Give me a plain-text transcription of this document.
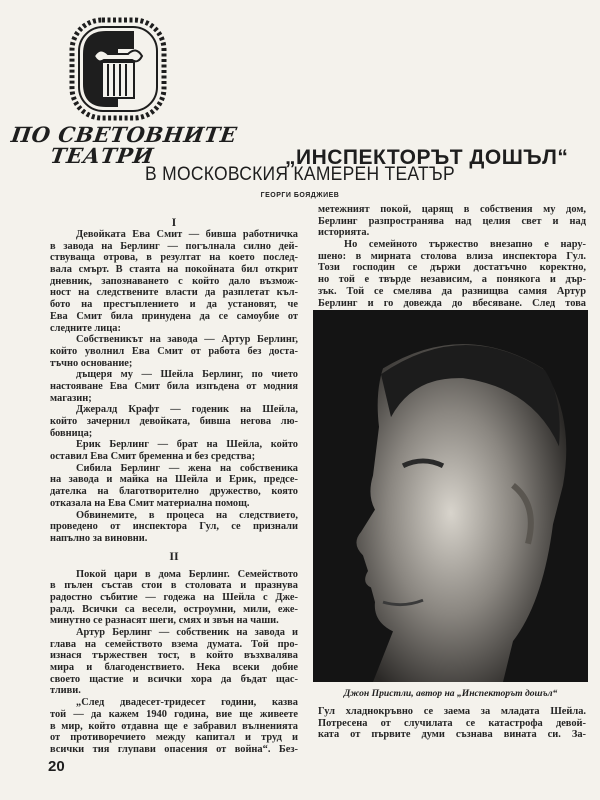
ПО СВЕТОВНИТЕ
ТЕАТРИ	„ИНСПЕКТОРЪТ ДОШЪЛ“
В МОСКОВСКИЯ КАМЕРЕН ТЕАТЪР
ГЕОРГИ БОЯДЖИЕВ
I
Девойката Ева Смит — бивша работничка
в завода на Берлинг — погълнала силно дей-
ствуваща отрова, в резултат на което послед-
вала смърт. В стаята на покойната бил открит
дневник, запознаването с който дало възмож-
ност на следствените власти да разплетат къл-
бото на престъплението и да установят, че
Ева Смит била принудена да се самоубие от
следните лица:
Собственикът на завода — Артур Берлинг,
който уволнил Ева Смит от работа без доста-
тъчно основание;
дъщеря му — Шейла Берлинг, по чието
настояване Ева Смит била изпъдена от модния
магазин;
Джералд Крафт — годеник на Шейла,
който зачернил девойката, бивша негова лю-
бовница;
Ерик Берлинг — брат на Шейла, който
оставил Ева Смит бременна и без средства;
Сибила Берлинг — жена на собственика
на завода и майка на Шейла и Ерик, предсе-
дателка на благотворително дружество, която
отказала на Ева Смит материална помощ.
Обвинемите, в процеса на следствието,
проведено от инспектора Гул, се признали
напълно за виновни.
II
Покой цари в дома Берлинг. Семейството
в пълен състав стои в столовата и празнува
радостно събитие — годежа на Шейла с Дже-
ралд. Всички са весели, остроумни, мили, еже-
минутно се разнасят шеги, смях и звън на чаши.
Артур Берлинг — собственик на завода и
глава на семейството взема думата. Той про-
изнася тържествен тост, в който възхвалява
мира и благоденствието. Нека всеки добие
своето щастие и всички хора да бъдат щас-
тливи.
„След двадесет-тридесет години, казва
той — да кажем 1940 година, вие ще живеете
в мир, който отдавна ще е забравил вълненията
от противоречието между капитал и труд и
всички тия глупави опасения от война“. Без-
метежният покой, царящ в собствения му дом,
Берлинг разпространява над целия свет и над
историята.
Но семейното тържество внезапно е нару-
шено: в мирната столова влиза инспектора Гул.
Този господин се държи достатъчно коректно,
но той е твърде независим, а понякога и дър-
зък. Той се смелява да разнищва самия Артур
Берлинг и го довежда до вбесяване. След това
Джон Пристли, автор на „Инспекторът дошъл“
Гул хладнокръвно се заема за младата Шейла.
Потресена от случилата се катастрофа девой-
ката от първите думи съзнава вината си. За-
20
